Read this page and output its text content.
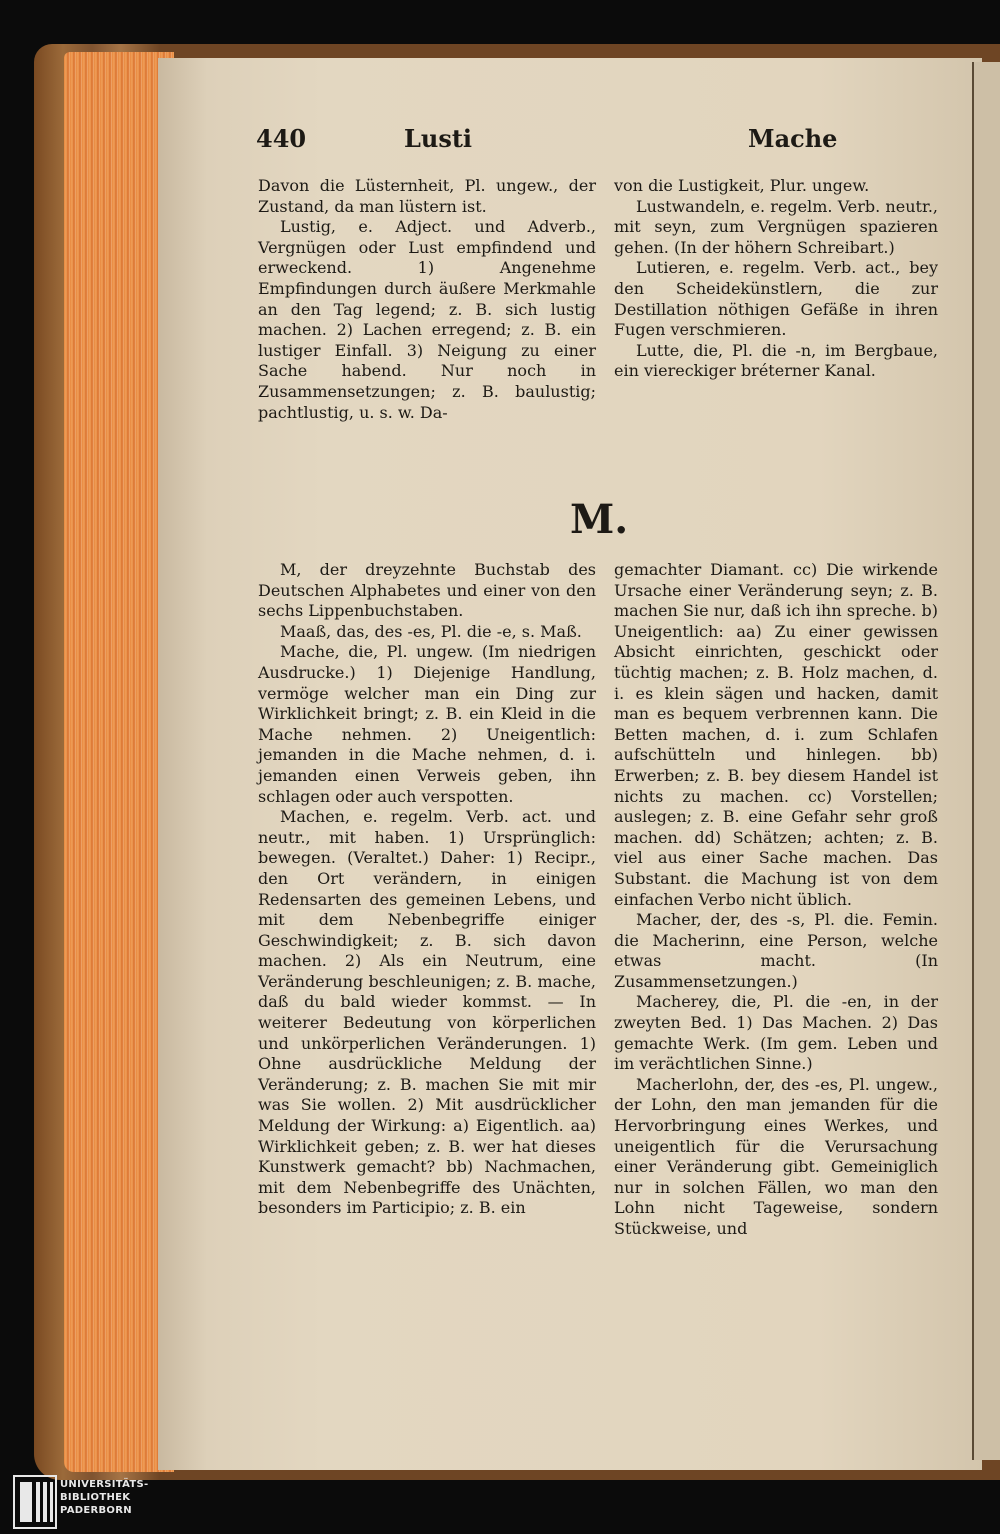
440	Lusti	Mache

Davon die Lüsternheit, Pl. ungew., der Zustand, da man lüstern ist.

Lustig, e. Adject. und Adverb., Vergnügen oder Lust empfindend und erweckend. 1) Angenehme Empfindungen durch äußere Merkmahle an den Tag legend; z. B. sich lustig machen. 2) Lachen erregend; z. B. ein lustiger Einfall. 3) Neigung zu einer Sache habend. Nur noch in Zusammensetzungen; z. B. baulustig; pachtlustig, u. s. w. Da-

von die Lustigkeit, Plur. ungew.

Lustwandeln, e. regelm. Verb. neutr., mit seyn, zum Vergnügen spazieren gehen. (In der höhern Schreibart.)

Lutieren, e. regelm. Verb. act., bey den Scheidekünstlern, die zur Destillation nöthigen Gefäße in ihren Fugen verschmieren.

Lutte, die, Pl. die -n, im Bergbaue, ein viereckiger bréterner Kanal.

M.

M, der dreyzehnte Buchstab des Deutschen Alphabetes und einer von den sechs Lippenbuchstaben.

Maaß, das, des -es, Pl. die -e, s. Maß.

Mache, die, Pl. ungew. (Im niedrigen Ausdrucke.) 1) Diejenige Handlung, vermöge welcher man ein Ding zur Wirklichkeit bringt; z. B. ein Kleid in die Mache nehmen. 2) Uneigentlich: jemanden in die Mache nehmen, d. i. jemanden einen Verweis geben, ihn schlagen oder auch verspotten.

Machen, e. regelm. Verb. act. und neutr., mit haben. 1) Ursprünglich: bewegen. (Veraltet.) Daher: 1) Recipr., den Ort verändern, in einigen Redensarten des gemeinen Lebens, und mit dem Nebenbegriffe einiger Geschwindigkeit; z. B. sich davon machen. 2) Als ein Neutrum, eine Veränderung beschleunigen; z. B. mache, daß du bald wieder kommst. — In weiterer Bedeutung von körperlichen und unkörperlichen Veränderungen. 1) Ohne ausdrückliche Meldung der Veränderung; z. B. machen Sie mit mir was Sie wollen. 2) Mit ausdrücklicher Meldung der Wirkung: a) Eigentlich. aa) Wirklichkeit geben; z. B. wer hat dieses Kunstwerk gemacht? bb) Nachmachen, mit dem Nebenbegriffe des Unächten, besonders im Participio; z. B. ein

gemachter Diamant. cc) Die wirkende Ursache einer Veränderung seyn; z. B. machen Sie nur, daß ich ihn spreche. b) Uneigentlich: aa) Zu einer gewissen Absicht einrichten, geschickt oder tüchtig machen; z. B. Holz machen, d. i. es klein sägen und hacken, damit man es bequem verbrennen kann. Die Betten machen, d. i. zum Schlafen aufschütteln und hinlegen. bb) Erwerben; z. B. bey diesem Handel ist nichts zu machen. cc) Vorstellen; auslegen; z. B. eine Gefahr sehr groß machen. dd) Schätzen; achten; z. B. viel aus einer Sache machen. Das Substant. die Machung ist von dem einfachen Verbo nicht üblich.

Macher, der, des -s, Pl. die. Femin. die Macherinn, eine Person, welche etwas macht. (In Zusammensetzungen.)

Macherey, die, Pl. die -en, in der zweyten Bed. 1) Das Machen. 2) Das gemachte Werk. (Im gem. Leben und im verächtlichen Sinne.)

Macherlohn, der, des -es, Pl. ungew., der Lohn, den man jemanden für die Hervorbringung eines Werkes, und uneigentlich für die Verursachung einer Veränderung gibt. Gemeiniglich nur in solchen Fällen, wo man den Lohn nicht Tageweise, sondern Stückweise, und

UNIVERSITÄTS-
BIBLIOTHEK
PADERBORN
